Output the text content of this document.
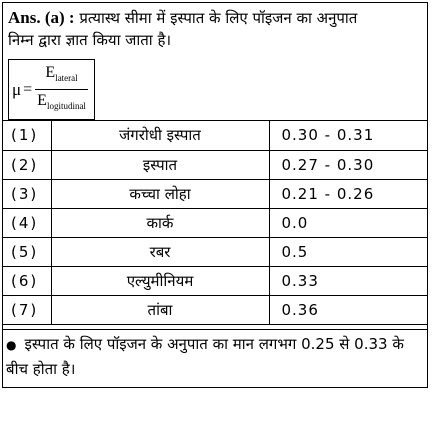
Ans. (a) : प्रत्यास्थ सीमा में इस्पात के लिए पॉइजन का अनुपात
निम्न द्वारा ज्ञात किया जाता है।
$\mu = \frac{E_{lateral}}{E_{logitudinal}}$
(1)	जंगरोधी इस्पात	0.30 - 0.31
(2)	इस्पात	0.27 - 0.30
(3)	कच्चा लोहा	0.21 - 0.26
(4)	कार्क	0.0
(5)	रबर	0.5
(6)	एल्युमीनियम	0.33
(7)	तांबा	0.36
● इस्पात के लिए पॉइजन के अनुपात का मान लगभग 0.25 से 0.33 के बीच होता है।
